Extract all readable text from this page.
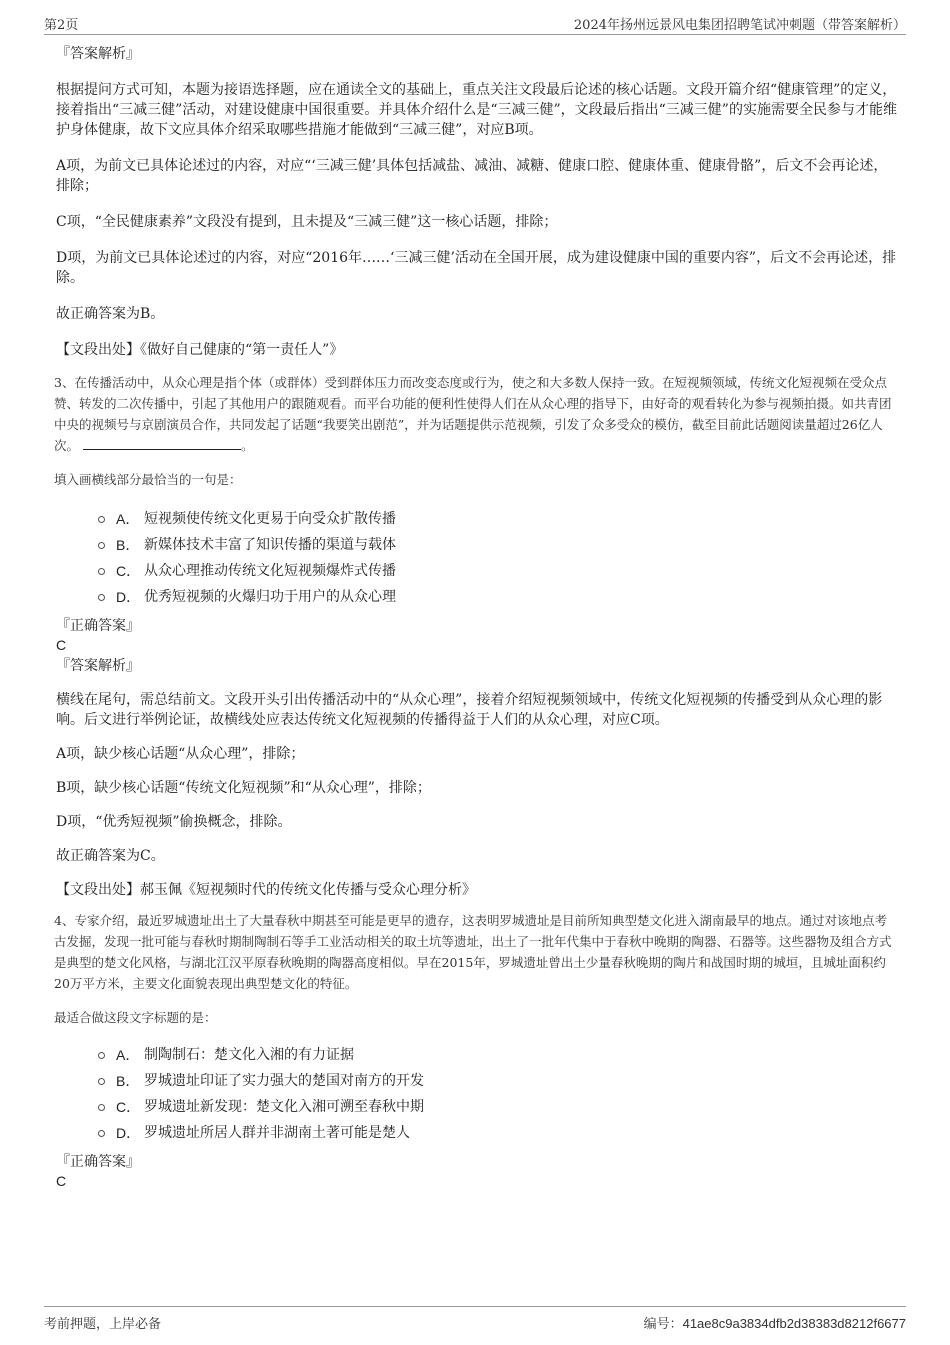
第2页	2024年扬州远景风电集团招聘笔试冲刺题（带答案解析）

『答案解析』

根据提问方式可知，本题为接语选择题，应在通读全文的基础上，重点关注文段最后论述的核心话题。文段开篇介绍“健康管理”的定义，接着指出“三减三健”活动，对建设健康中国很重要。并具体介绍什么是“三减三健”，文段最后指出“三减三健”的实施需要全民参与才能维护身体健康，故下文应具体介绍采取哪些措施才能做到“三减三健”，对应B项。

A项，为前文已具体论述过的内容，对应“‘三减三健’具体包括减盐、减油、减糖、健康口腔、健康体重、健康骨骼”，后文不会再论述，排除；

C项，“全民健康素养”文段没有提到，且未提及“三减三健”这一核心话题，排除；

D项，为前文已具体论述过的内容，对应“2016年……‘三减三健’活动在全国开展，成为建设健康中国的重要内容”，后文不会再论述，排除。

故正确答案为B。

【文段出处】《做好自己健康的“第一责任人”》

3、在传播活动中，从众心理是指个体（或群体）受到群体压力而改变态度或行为，使之和大多数人保持一致。在短视频领域，传统文化短视频在受众点赞、转发的二次传播中，引起了其他用户的跟随观看。而平台功能的便利性使得人们在从众心理的指导下，由好奇的观看转化为参与视频拍摄。如共青团中央的视频号与京剧演员合作，共同发起了话题“我要笑出剧范”，并为话题提供示范视频，引发了众多受众的模仿，截至目前此话题阅读量超过26亿人次。	。

填入画横线部分最恰当的一句是：

A． 短视频使传统文化更易于向受众扩散传播
B． 新媒体技术丰富了知识传播的渠道与载体
C． 从众心理推动传统文化短视频爆炸式传播
D． 优秀短视频的火爆归功于用户的从众心理

『正确答案』

C

『答案解析』

横线在尾句，需总结前文。文段开头引出传播活动中的“从众心理”，接着介绍短视频领域中，传统文化短视频的传播受到从众心理的影响。后文进行举例论证，故横线处应表达传统文化短视频的传播得益于人们的从众心理，对应C项。

A项，缺少核心话题“从众心理”，排除；

B项，缺少核心话题“传统文化短视频”和“从众心理”，排除；

D项，“优秀短视频”偷换概念，排除。

故正确答案为C。

【文段出处】郝玉佩《短视频时代的传统文化传播与受众心理分析》

4、专家介绍，最近罗城遗址出土了大量春秋中期甚至可能是更早的遗存，这表明罗城遗址是目前所知典型楚文化进入湖南最早的地点。通过对该地点考古发掘，发现一批可能与春秋时期制陶制石等手工业活动相关的取土坑等遗址，出土了一批年代集中于春秋中晚期的陶器、石器等。这些器物及组合方式是典型的楚文化风格，与湖北江汉平原春秋晚期的陶器高度相似。早在2015年，罗城遗址曾出土少量春秋晚期的陶片和战国时期的城垣，且城址面积约20万平方米，主要文化面貌表现出典型楚文化的特征。

最适合做这段文字标题的是：

A． 制陶制石：楚文化入湘的有力证据
B． 罗城遗址印证了实力强大的楚国对南方的开发
C． 罗城遗址新发现：楚文化入湘可溯至春秋中期
D． 罗城遗址所居人群并非湖南土著可能是楚人

『正确答案』

C

考前押题，上岸必备	编号：41ae8c9a3834dfb2d38383d8212f6677
